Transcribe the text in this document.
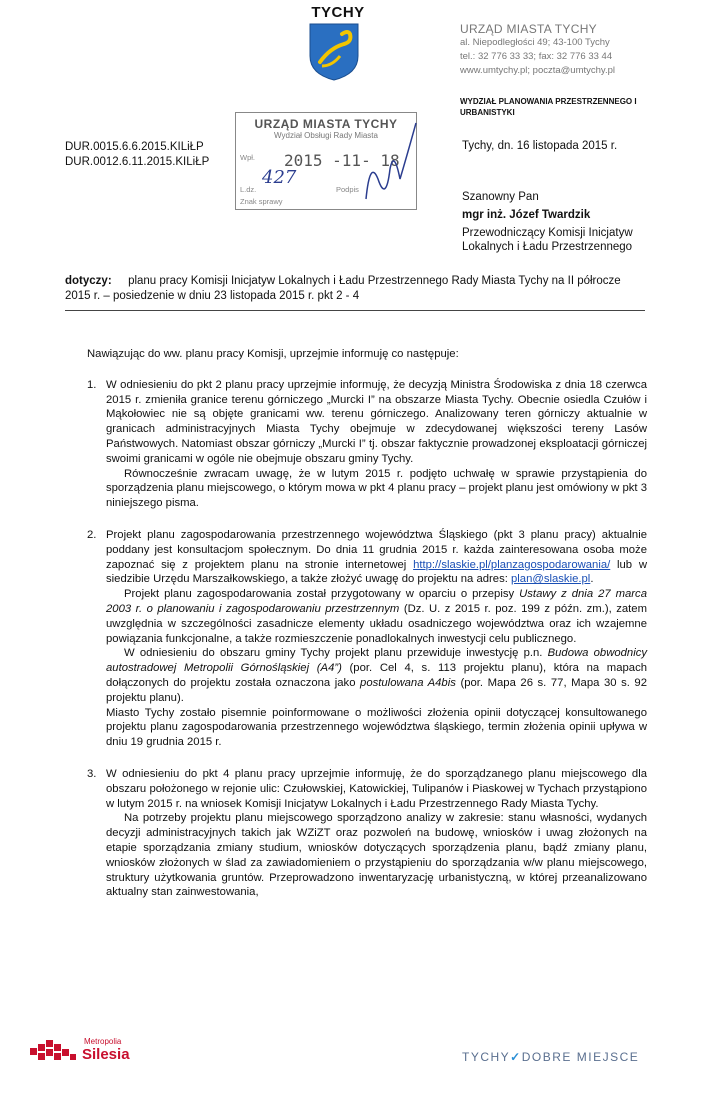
TYCHY
URZĄD MIASTA TYCHY
al. Niepodległości 49; 43-100 Tychy
tel.: 32 776 33 33; fax: 32 776 33 44
www.umtychy.pl; poczta@umtychy.pl
WYDZIAŁ PLANOWANIA PRZESTRZENNEGO I URBANISTYKI
URZĄD MIASTA TYCHY
Wydział Obsługi Rady Miasta
Wpł. 2015 -11- 18
L.dz.	Podpis
Znak sprawy
427
DUR.0015.6.6.2015.KILiŁP
DUR.0012.6.11.2015.KILiŁP
Tychy, dn. 16 listopada 2015 r.
Szanowny Pan
mgr inż. Józef Twardzik
Przewodniczący Komisji Inicjatyw
Lokalnych i Ładu Przestrzennego
dotyczy: planu pracy Komisji Inicjatyw Lokalnych i Ładu Przestrzennego Rady Miasta Tychy na II półrocze 2015 r. – posiedzenie w dniu 23 listopada 2015 r. pkt 2 - 4

Nawiązując do ww. planu pracy Komisji, uprzejmie informuję co następuje:

1. W odniesieniu do pkt 2 planu pracy uprzejmie informuję, że decyzją Ministra Środowiska z dnia 18 czerwca 2015 r. zmieniła granice terenu górniczego „Murcki I” na obszarze Miasta Tychy. Obecnie osiedla Czułów i Mąkołowiec nie są objęte granicami ww. terenu górniczego. Analizowany teren górniczy aktualnie w granicach administracyjnych Miasta Tychy obejmuje w zdecydowanej większości tereny Lasów Państwowych. Natomiast obszar górniczy „Murcki I” tj. obszar faktycznie prowadzonej eksploatacji górniczej swoimi granicami w ogóle nie obejmuje obszaru gminy Tychy.

Równocześnie zwracam uwagę, że w lutym 2015 r. podjęto uchwałę w sprawie przystąpienia do sporządzenia planu miejscowego, o którym mowa w pkt 4 planu pracy – projekt planu jest omówiony w pkt 3 niniejszego pisma.

2. Projekt planu zagospodarowania przestrzennego województwa Śląskiego (pkt 3 planu pracy) aktualnie poddany jest konsultacjom społecznym. Do dnia 11 grudnia 2015 r. każda zainteresowana osoba może zapoznać się z projektem planu na stronie internetowej http://slaskie.pl/planzagospodarowania/ lub w siedzibie Urzędu Marszałkowskiego, a także złożyć uwagę do projektu na adres: plan@slaskie.pl.

Projekt planu zagospodarowania został przygotowany w oparciu o przepisy Ustawy z dnia 27 marca 2003 r. o planowaniu i zagospodarowaniu przestrzennym (Dz. U. z 2015 r. poz. 199 z późn. zm.), zatem uwzględnia w szczególności zasadnicze elementy układu osadniczego województwa oraz ich wzajemne powiązania funkcjonalne, a także rozmieszczenie ponadlokalnych inwestycji celu publicznego.

W odniesieniu do obszaru gminy Tychy projekt planu przewiduje inwestycję p.n. Budowa obwodnicy autostradowej Metropolii Górnośląskiej (A4”) (por. Cel 4, s. 113 projektu planu), która na mapach dołączonych do projektu została oznaczona jako postulowana A4bis (por. Mapa 26 s. 77, Mapa 30 s. 92 projektu planu).

Miasto Tychy zostało pisemnie poinformowane o możliwości złożenia opinii dotyczącej konsultowanego projektu planu zagospodarowania przestrzennego województwa śląskiego, termin złożenia opinii upływa w dniu 19 grudnia 2015 r.

3. W odniesieniu do pkt 4 planu pracy uprzejmie informuję, że do sporządzanego planu miejscowego dla obszaru położonego w rejonie ulic: Czułowskiej, Katowickiej, Tulipanów i Piaskowej w Tychach przystąpiono w lutym 2015 r. na wniosek Komisji Inicjatyw Lokalnych i Ładu Przestrzennego Rady Miasta Tychy.

Na potrzeby projektu planu miejscowego sporządzono analizy w zakresie: stanu własności, wydanych decyzji administracyjnych takich jak WZiZT oraz pozwoleń na budowę, wniosków i uwag złożonych na etapie sporządzania zmiany studium, wniosków dotyczących sporządzenia planu, bądź zmiany planu, wniosków złożonych w ślad za zawiadomieniem o przystąpieniu do sporządzania w/w planu miejscowego, struktury użytkowania gruntów. Przeprowadzono inwentaryzację urbanistyczną, w której przeanalizowano aktualny stan zainwestowania,

Metropolia
Silesia	TYCHY✓DOBRE MIEJSCE
